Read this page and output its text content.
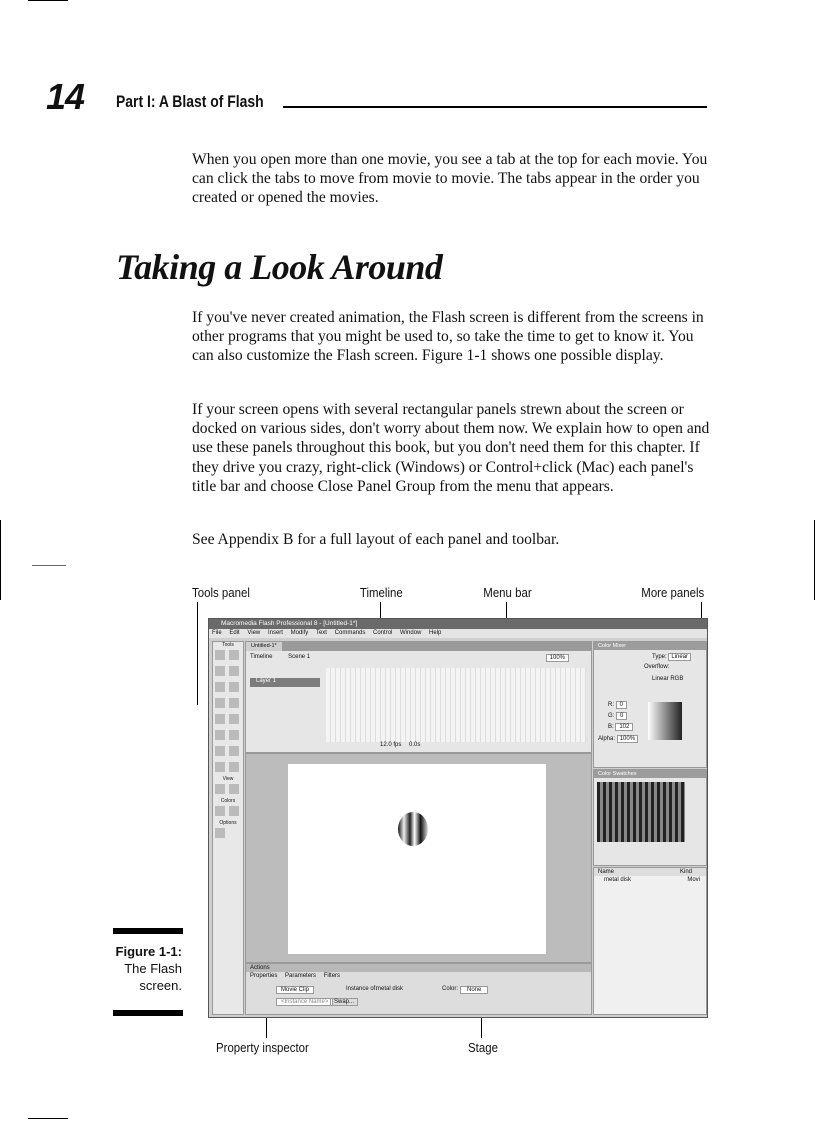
14 Part I: A Blast of Flash

When you open more than one movie, you see a tab at the top for each movie. You can click the tabs to move from movie to movie. The tabs appear in the order you created or opened the movies.

Taking a Look Around

If you've never created animation, the Flash screen is different from the screens in other programs that you might be used to, so take the time to get to know it. You can also customize the Flash screen. Figure 1-1 shows one possible display.

If your screen opens with several rectangular panels strewn about the screen or docked on various sides, don't worry about them now. We explain how to open and use these panels throughout this book, but you don't need them for this chapter. If they drive you crazy, right-click (Windows) or Control+click (Mac) each panel's title bar and choose Close Panel Group from the menu that appears.

See Appendix B for a full layout of each panel and toolbar.

Tools panel	Timeline	Menu bar	More panels
Property inspector	Stage
Figure 1-1:
The Flash
screen.
Macromedia Flash Professional 8 - [Untitled-1*]
File Edit View Insert Modify Text Commands Control Window Help
Tools

View
Colors
Options
Untitled-1*
Timeline	Scene 1	100%
Layer 1
12.0 fps 0.0s
Actions
Properties Parameters Filters
Movie Clip
<Instance Name>
Instance of:
metal disk
Swap...
Color:	None
Color Mixer
Type: Linear
Overflow:
Linear RGB
R: 0
G: 0
B: 102
Alpha: 100%
Color Swatches
Name	Kind
metal disk	Movi
